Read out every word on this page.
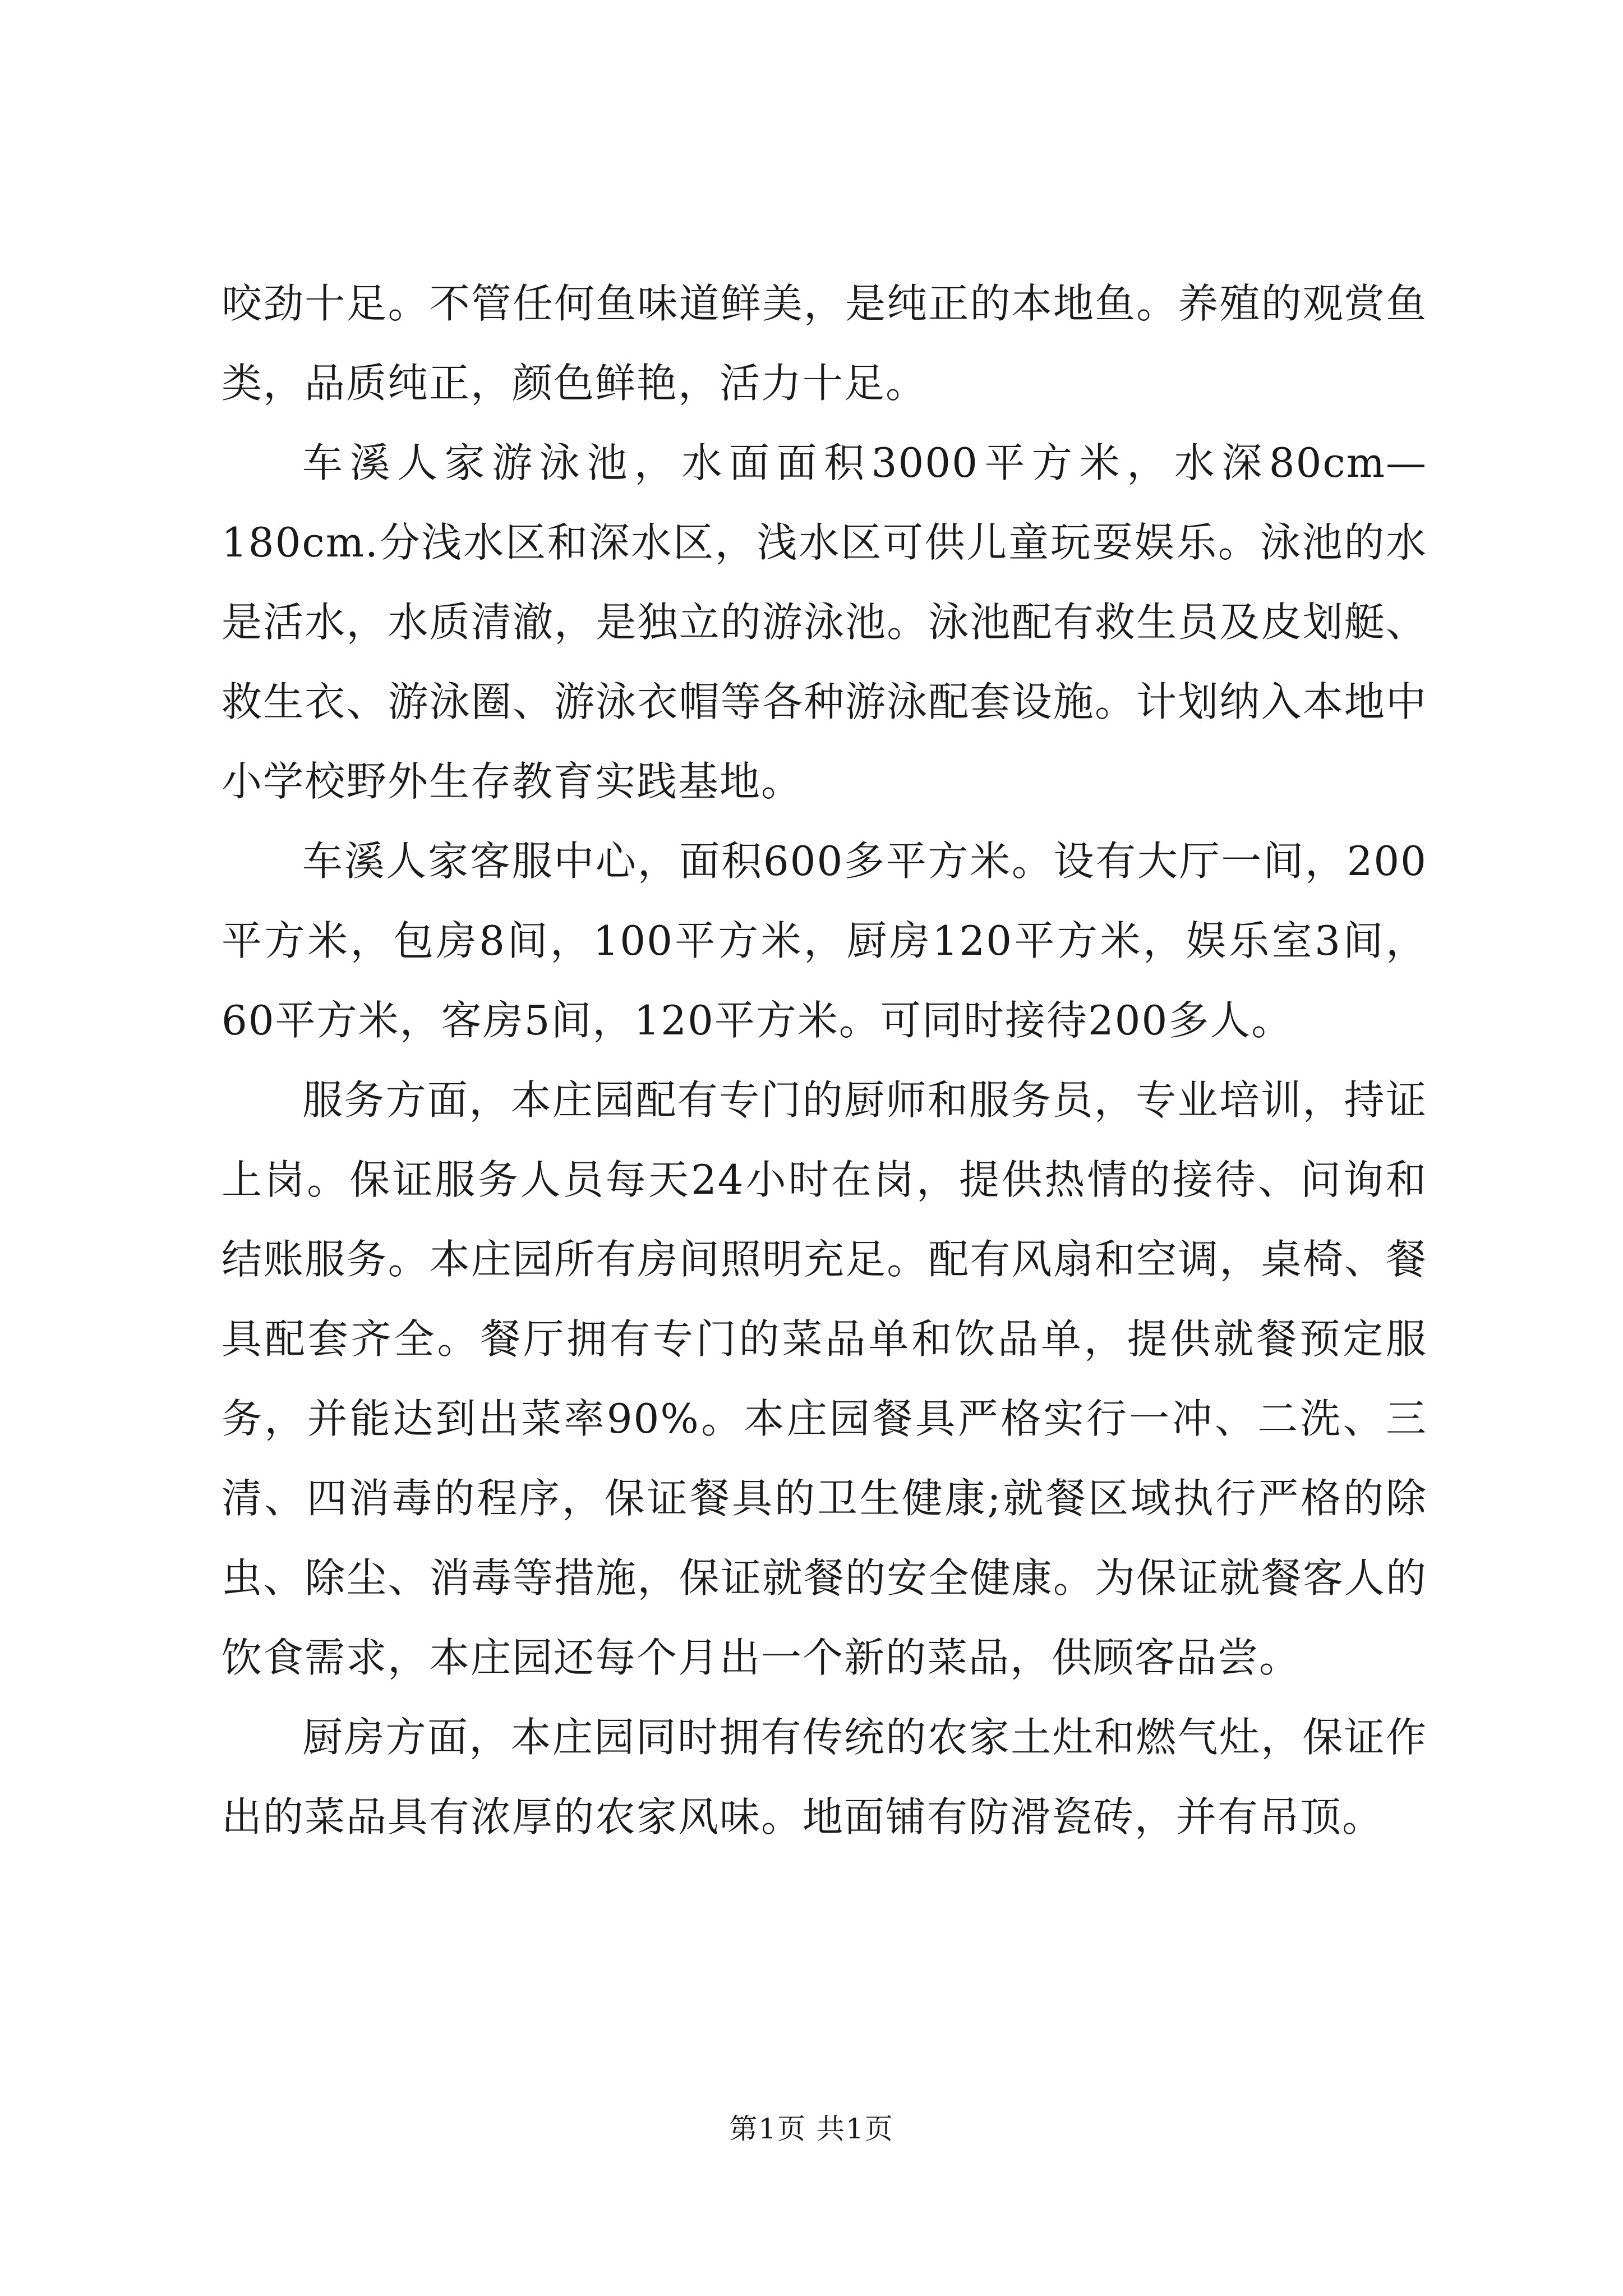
咬劲十足。不管任何鱼味道鲜美，是纯正的本地鱼。养殖的观赏鱼类，品质纯正，颜色鲜艳，活力十足。

车溪人家游泳池，水面面积3000平方米，水深80cm—180cm.分浅水区和深水区，浅水区可供儿童玩耍娱乐。泳池的水是活水，水质清澈，是独立的游泳池。泳池配有救生员及皮划艇、救生衣、游泳圈、游泳衣帽等各种游泳配套设施。计划纳入本地中小学校野外生存教育实践基地。

车溪人家客服中心，面积600多平方米。设有大厅一间，200平方米，包房8间，100平方米，厨房120平方米，娱乐室3间，60平方米，客房5间，120平方米。可同时接待200多人。

服务方面，本庄园配有专门的厨师和服务员，专业培训，持证上岗。保证服务人员每天24小时在岗，提供热情的接待、问询和结账服务。本庄园所有房间照明充足。配有风扇和空调，桌椅、餐具配套齐全。餐厅拥有专门的菜品单和饮品单，提供就餐预定服务，并能达到出菜率90%。本庄园餐具严格实行一冲、二洗、三清、四消毒的程序，保证餐具的卫生健康;就餐区域执行严格的除虫、除尘、消毒等措施，保证就餐的安全健康。为保证就餐客人的饮食需求，本庄园还每个月出一个新的菜品，供顾客品尝。

厨房方面，本庄园同时拥有传统的农家土灶和燃气灶，保证作出的菜品具有浓厚的农家风味。地面铺有防滑瓷砖，并有吊顶。

第1页 共1页
